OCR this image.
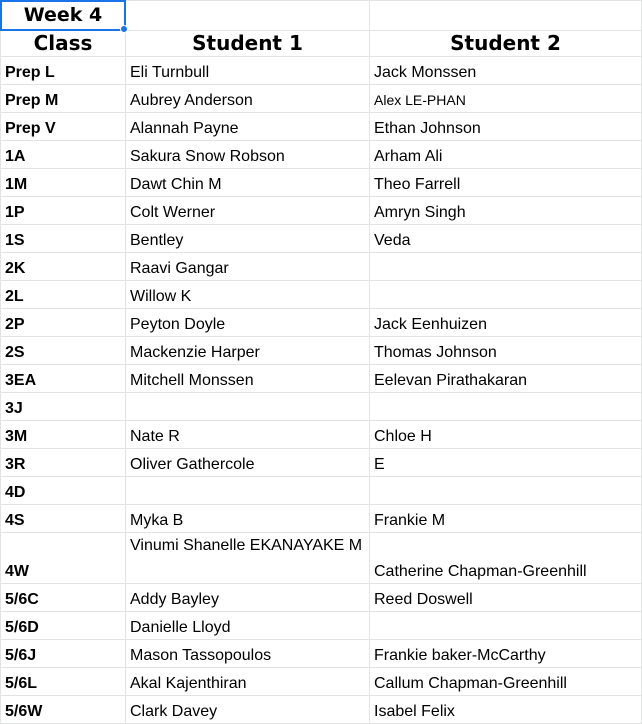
Week 4

Class	Student 1	Student 2
Prep L	Eli Turnbull	Jack Monssen
Prep M	Aubrey Anderson	Alex LE-PHAN
Prep V	Alannah Payne	Ethan Johnson
1A	Sakura Snow Robson	Arham Ali
1M	Dawt Chin M	Theo Farrell
1P	Colt Werner	Amryn Singh
1S	Bentley	Veda
2K	Raavi Gangar	
2L	Willow K	
2P	Peyton Doyle	Jack Eenhuizen
2S	Mackenzie Harper	Thomas Johnson
3EA	Mitchell Monssen	Eelevan Pirathakaran
3J		
3M	Nate R	Chloe H
3R	Oliver Gathercole	E
4D		
4S	Myka B	Frankie M
4W	Vinumi Shanelle EKANAYAKE M	Catherine Chapman-Greenhill
5/6C	Addy Bayley	Reed Doswell
5/6D	Danielle Lloyd	
5/6J	Mason Tassopoulos	Frankie baker-McCarthy
5/6L	Akal Kajenthiran	Callum Chapman-Greenhill
5/6W	Clark Davey	Isabel Felix
